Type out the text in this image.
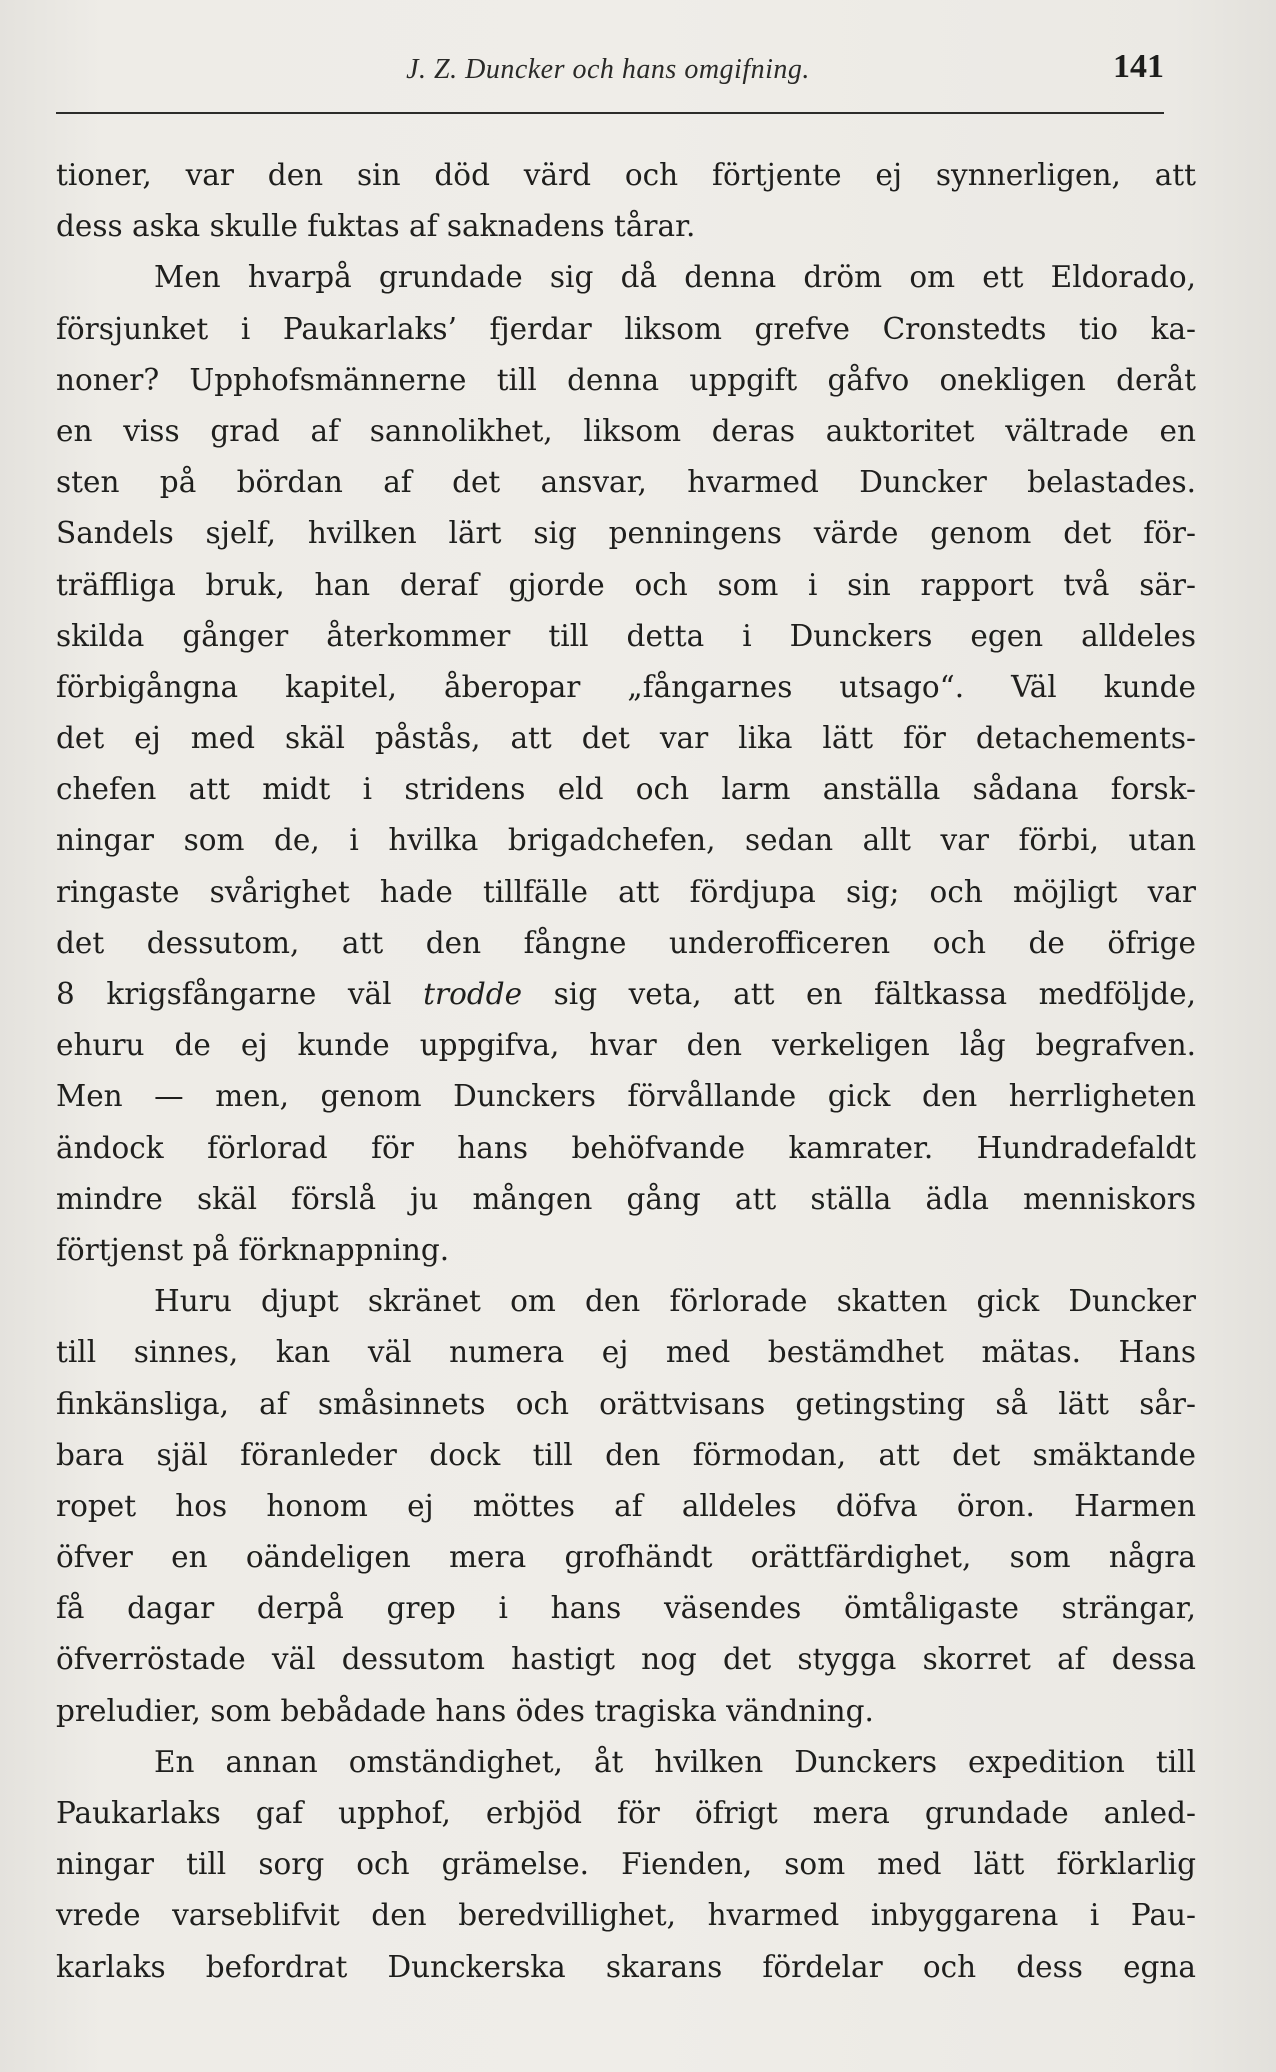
J. Z. Duncker och hans omgifning.	141
tioner, var den sin död värd och förtjente ej synnerligen, att
dess aska skulle fuktas af saknadens tårar.
Men hvarpå grundade sig då denna dröm om ett Eldorado,
försjunket i Paukarlaks’ fjerdar liksom grefve Cronstedts tio ka-
noner? Upphofsmännerne till denna uppgift gåfvo onekligen deråt
en viss grad af sannolikhet, liksom deras auktoritet vältrade en
sten på bördan af det ansvar, hvarmed Duncker belastades.
Sandels sjelf, hvilken lärt sig penningens värde genom det för-
träffliga bruk, han deraf gjorde och som i sin rapport två sär-
skilda gånger återkommer till detta i Dunckers egen alldeles
förbigångna kapitel, åberopar „fångarnes utsago“. Väl kunde
det ej med skäl påstås, att det var lika lätt för detachements-
chefen att midt i stridens eld och larm anställa sådana forsk-
ningar som de, i hvilka brigadchefen, sedan allt var förbi, utan
ringaste svårighet hade tillfälle att fördjupa sig; och möjligt var
det dessutom, att den fångne underofficeren och de öfrige
8 krigsfångarne väl trodde sig veta, att en fältkassa medföljde,
ehuru de ej kunde uppgifva, hvar den verkeligen låg begrafven.
Men — men, genom Dunckers förvållande gick den herrligheten
ändock förlorad för hans behöfvande kamrater. Hundradefaldt
mindre skäl förslå ju mången gång att ställa ädla menniskors
förtjenst på förknappning.
Huru djupt skränet om den förlorade skatten gick Duncker
till sinnes, kan väl numera ej med bestämdhet mätas. Hans
finkänsliga, af småsinnets och orättvisans getingsting så lätt sår-
bara själ föranleder dock till den förmodan, att det smäktande
ropet hos honom ej möttes af alldeles döfva öron. Harmen
öfver en oändeligen mera grofhändt orättfärdighet, som några
få dagar derpå grep i hans väsendes ömtåligaste strängar,
öfverröstade väl dessutom hastigt nog det stygga skorret af dessa
preludier, som bebådade hans ödes tragiska vändning.
En annan omständighet, åt hvilken Dunckers expedition till
Paukarlaks gaf upphof, erbjöd för öfrigt mera grundade anled-
ningar till sorg och grämelse. Fienden, som med lätt förklarlig
vrede varseblifvit den beredvillighet, hvarmed inbyggarena i Pau-
karlaks befordrat Dunckerska skarans fördelar och dess egna
